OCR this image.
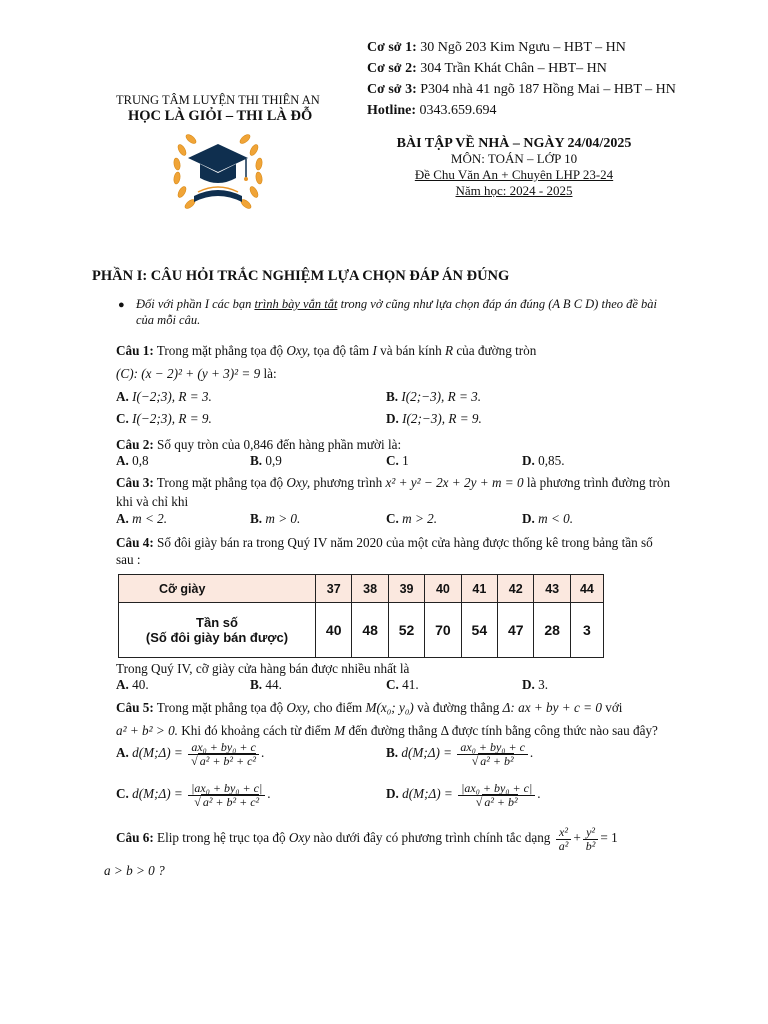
TRUNG TÂM LUYỆN THI THIÊN AN
HỌC LÀ GIỎI – THI LÀ ĐỖ
Cơ sở 1: 30 Ngõ 203 Kim Ngưu – HBT – HN
Cơ sở 2: 304 Trần Khát Chân – HBT– HN
Cơ sở 3: P304 nhà 41 ngõ 187 Hồng Mai – HBT – HN
Hotline: 0343.659.694
BÀI TẬP VỀ NHÀ – NGÀY 24/04/2025
MÔN: TOÁN – LỚP 10
Đề Chu Văn An + Chuyên LHP 23-24
Năm học: 2024 - 2025
PHẦN I: CÂU HỎI TRẮC NGHIỆM LỰA CHỌN ĐÁP ÁN ĐÚNG
● Đối với phần I các bạn trình bày vắn tắt trong vở cũng như lựa chọn đáp án đúng (A B C D) theo đề bài
của mỗi câu.
Câu 1: Trong mặt phẳng tọa độ Oxy, tọa độ tâm I và bán kính R của đường tròn
(C): (x − 2)² + (y + 3)² = 9 là:
A. I(−2;3), R = 3.	B. I(2;−3), R = 3.
C. I(−2;3), R = 9.	D. I(2;−3), R = 9.
Câu 2: Số quy tròn của 0,846 đến hàng phần mười là:
A. 0,8	B. 0,9	C. 1	D. 0,85.
Câu 3: Trong mặt phẳng tọa độ Oxy, phương trình x² + y² − 2x + 2y + m = 0 là phương trình đường tròn
khi và chỉ khi
A. m < 2.	B. m > 0.	C. m > 2.	D. m < 0.
Câu 4: Số đôi giày bán ra trong Quý IV năm 2020 của một cửa hàng được thống kê trong bảng tần số
sau :
Cỡ giày	37	38	39	40	41	42	43	44

Tần số
(Số đôi giày bán được)	40	48	52	70	54	47	28	3
Trong Quý IV, cỡ giày cửa hàng bán được nhiều nhất là
A. 40.	B. 44.	C. 41.	D. 3.
Câu 5: Trong mặt phẳng tọa độ Oxy, cho điểm M(x₀; y₀) và đường thẳng Δ: ax + by + c = 0 với
a² + b² > 0. Khi đó khoảng cách từ điểm M đến đường thẳng Δ được tính bằng công thức nào sau đây?
A. d(M;Δ) = $\frac{\text{ax₀ + by₀ + c}}{\text{√ a² + b² + c²}}$ .	B. d(M;Δ) = $\frac{\text{ax₀ + by₀ + c}}{\text{√ a² + b²}}$ .
C. d(M;Δ) = $\frac{\text{|ax₀ + by₀ + c|}}{\text{√ a² + b² + c²}}$ .	D. d(M;Δ) = $\frac{\text{|ax₀ + by₀ + c|}}{\text{√ a² + b²}}$ .
Câu 6: Elip trong hệ trục tọa độ Oxy nào dưới đây có phương trình chính tắc dạng $\frac{\text{x²}}{\text{a²}} + \frac{\text{y²}}{\text{b²}} = 1$
a > b > 0 ?
